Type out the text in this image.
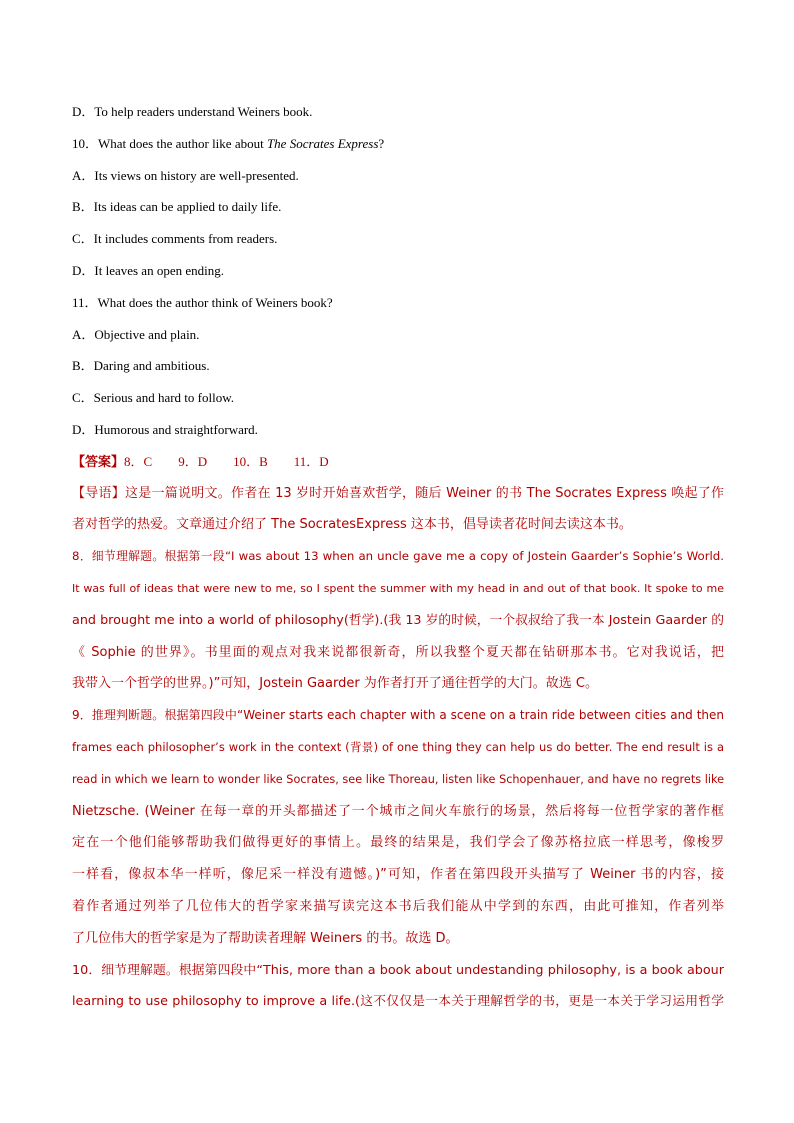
D．To help readers understand Weiners book.
10．What does the author like about The Socrates Express?
A．Its views on history are well-presented.
B．Its ideas can be applied to daily life.
C．It includes comments from readers.
D．It leaves an open ending.
11．What does the author think of Weiners book?
A．Objective and plain.
B．Daring and ambitious.
C．Serious and hard to follow.
D．Humorous and straightforward.
【答案】8．C 9．D 10．B 11．D
【导语】这是一篇说明文。作者在 13 岁时开始喜欢哲学，随后 Weiner 的书 The Socrates Express 唤起了作
者对哲学的热爱。文章通过介绍了 The SocratesExpress 这本书，倡导读者花时间去读这本书。
8．细节理解题。根据第一段“I was about 13 when an uncle gave me a copy of Jostein Gaarder’s Sophie’s World.
It was full of ideas that were new to me, so I spent the summer with my head in and out of that book. It spoke to me
and brought me into a world of philosophy(哲学).(我 13 岁的时候，一个叔叔给了我一本 Jostein Gaarder 的
《 Sophie 的世界》。书里面的观点对我来说都很新奇，所以我整个夏天都在钻研那本书。它对我说话，把
我带入一个哲学的世界。)”可知，Jostein Gaarder 为作者打开了通往哲学的大门。故选 C。
9．推理判断题。根据第四段中“Weiner starts each chapter with a scene on a train ride between cities and then
frames each philosopher’s work in the context (背景) of one thing they can help us do better. The end result is a
read in which we learn to wonder like Socrates, see like Thoreau, listen like Schopenhauer, and have no regrets like
Nietzsche. (Weiner 在每一章的开头都描述了一个城市之间火车旅行的场景，然后将每一位哲学家的著作框
定在一个他们能够帮助我们做得更好的事情上。最终的结果是，我们学会了像苏格拉底一样思考，像梭罗
一样看，像叔本华一样听，像尼采一样没有遗憾。)”可知，作者在第四段开头描写了 Weiner 书的内容，接
着作者通过列举了几位伟大的哲学家来描写读完这本书后我们能从中学到的东西，由此可推知，作者列举
了几位伟大的哲学家是为了帮助读者理解 Weiners 的书。故选 D。
10．细节理解题。根据第四段中“This, more than a book about undestanding philosophy, is a book abour
learning to use philosophy to improve a life.(这不仅仅是一本关于理解哲学的书，更是一本关于学习运用哲学
